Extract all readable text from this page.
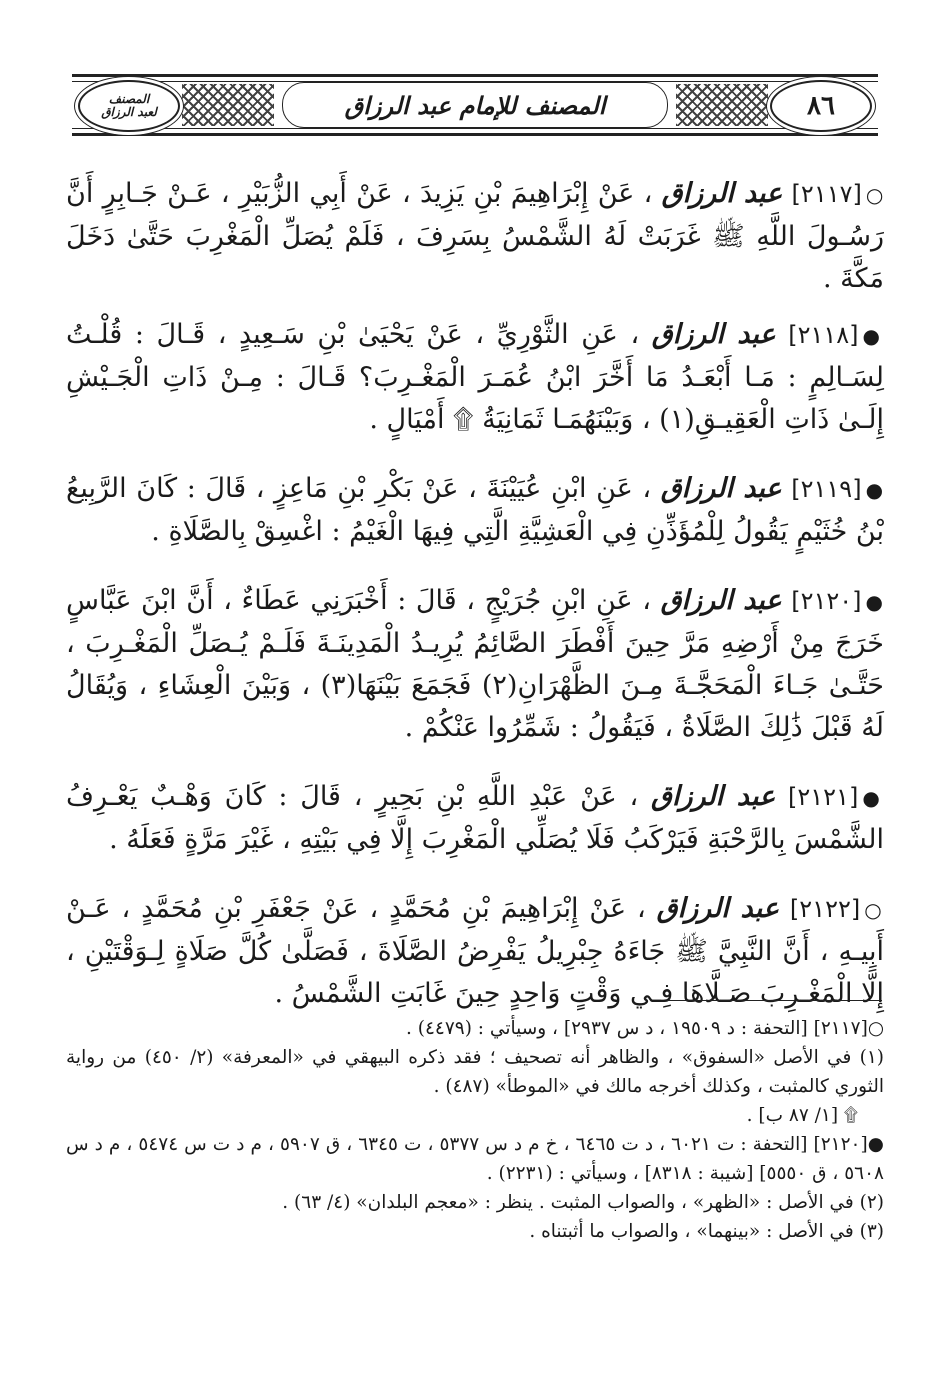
٨٦
المصنف
لعبد الرزاق	المصنف للإمام عبد الرزاق

○[٢١١٧] عبد الرزاق ، عَنْ إِبْرَاهِيمَ بْنِ يَزِيدَ ، عَنْ أَبِي الزُّبَيْرِ ، عَـنْ جَـابِرٍ أَنَّ رَسُـولَ اللَّهِ ﷺ غَرَبَتْ لَهُ الشَّمْسُ بِسَرِفَ ، فَلَمْ يُصَلِّ الْمَغْرِبَ حَتَّىٰ دَخَلَ مَكَّةَ .

●[٢١١٨] عبد الرزاق ، عَنِ الثَّوْرِيِّ ، عَنْ يَحْيَىٰ بْنِ سَـعِيدٍ ، قَـالَ : قُلْـتُ لِسَـالِمٍ : مَـا أَبْعَـدُ مَا أَخَّرَ ابْنُ عُمَـرَ الْمَغْـرِبَ؟ قَـالَ : مِـنْ ذَاتِ الْجَـيْشِ إِلَـىٰ ذَاتِ الْعَقِيـقِ(١) ، وَبَيْنَهُمَـا ثَمَانِيَةُ ۩ أَمْيَالٍ .

●[٢١١٩] عبد الرزاق ، عَنِ ابْنِ عُيَيْنَةَ ، عَنْ بَكْرِ بْنِ مَاعِزٍ ، قَالَ : كَانَ الرَّبِيعُ بْنُ خُثَيْمٍ يَقُولُ لِلْمُؤَذِّنِ فِي الْعَشِيَّةِ الَّتِي فِيهَا الْغَيْمُ : اغْسِقْ بِالصَّلَاةِ .

●[٢١٢٠] عبد الرزاق ، عَنِ ابْنِ جُرَيْجٍ ، قَالَ : أَخْبَرَنِي عَطَاءٌ ، أَنَّ ابْنَ عَبَّاسٍ خَرَجَ مِنْ أَرْضِهِ مَرَّ حِينَ أَفْطَرَ الصَّائِمُ يُرِيـدُ الْمَدِينَـةَ فَلَـمْ يُـصَلِّ الْمَغْـرِبَ ، حَتَّـىٰ جَـاءَ الْمَحَجَّـةَ مِـنَ الظَّهْرَانِ(٢) فَجَمَعَ بَيْنَهَا(٣) ، وَبَيْنَ الْعِشَاءِ ، وَيُقَالُ لَهُ قَبْلَ ذَٰلِكَ الصَّلَاةُ ، فَيَقُولُ : شَمِّرُوا عَنْكُمْ .

●[٢١٢١] عبد الرزاق ، عَنْ عَبْدِ اللَّهِ بْنِ بَحِيرٍ ، قَالَ : كَانَ وَهْـبٌ يَعْـرِفُ الشَّمْسَ بِالرَّحْبَةِ فَيَرْكَبُ فَلَا يُصَلِّي الْمَغْرِبَ إِلَّا فِي بَيْتِهِ ، غَيْرَ مَرَّةٍ فَعَلَهُ .

○[٢١٢٢] عبد الرزاق ، عَنْ إِبْرَاهِيمَ بْنِ مُحَمَّدٍ ، عَنْ جَعْفَرِ بْنِ مُحَمَّدٍ ، عَـنْ أَبِيـهِ ، أَنَّ النَّبِيَّ ﷺ جَاءَهُ جِبْرِيلُ يَفْرِضُ الصَّلَاةَ ، فَصَلَّىٰ كُلَّ صَلَاةٍ لِـوَقْتَيْنِ ، إِلَّا الْمَغْـرِبَ صَـلَّاهَا فِـي وَقْتٍ وَاحِدٍ حِينَ غَابَتِ الشَّمْسُ .

○[٢١١٧] [التحفة : د ١٩٥٠٩ ، د س ٢٩٣٧] ، وسيأتي : (٤٤٧٩) .

(١) في الأصل «السفوق» ، والظاهر أنه تصحيف ؛ فقد ذكره البيهقي في «المعرفة» (٢/ ٤٥٠) من رواية الثوري كالمثبت ، وكذلك أخرجه مالك في «الموطأ» (٤٨٧) .

۩ [١/ ٨٧ ب] .

●[٢١٢٠] [التحفة : ت ٦٠٢١ ، د ت ٦٤٦٥ ، خ م د س ٥٣٧٧ ، ت ٦٣٤٥ ، ق ٥٩٠٧ ، م د ت س ٥٤٧٤ ، م د س ٥٦٠٨ ، ق ٥٥٥٠] [شيبة : ٨٣١٨] ، وسيأتي : (٢٢٣١) .

(٢) في الأصل : «الظهر» ، والصواب المثبت . ينظر : «معجم البلدان» (٤/ ٦٣) .

(٣) في الأصل : «بينهما» ، والصواب ما أثبتناه .
